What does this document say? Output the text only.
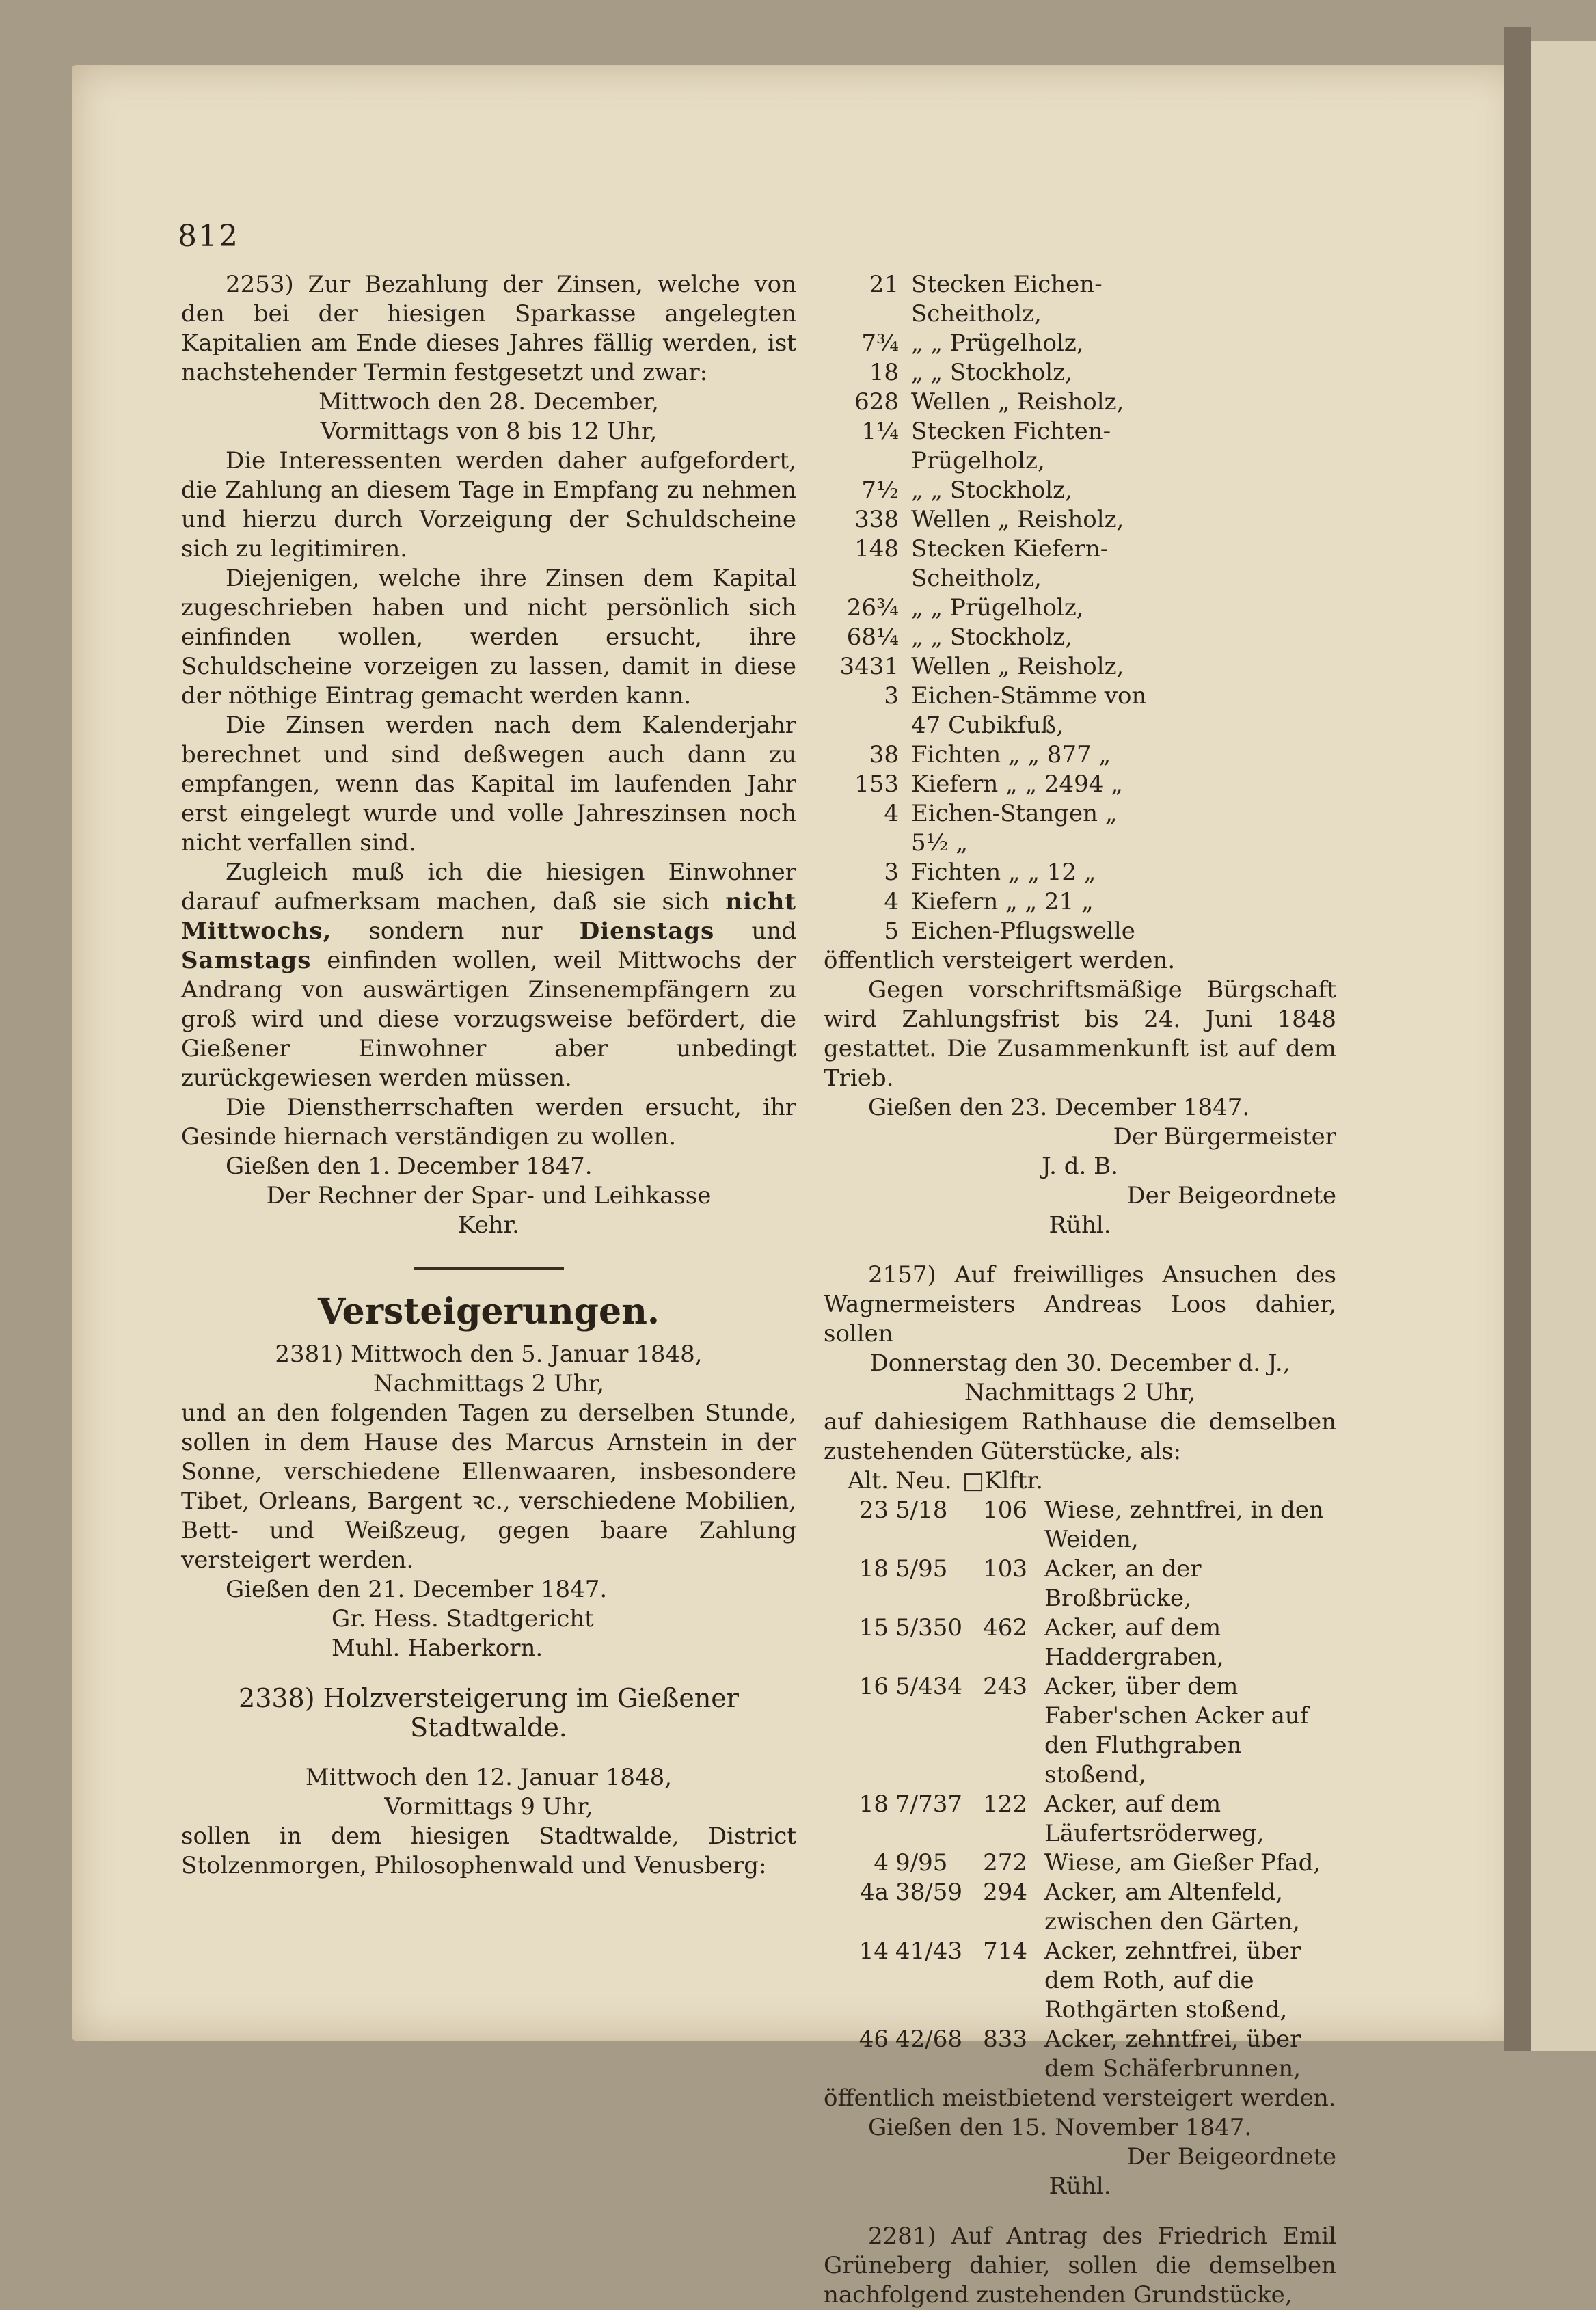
812

2253) Zur Bezahlung der Zinsen, welche von den bei der hiesigen Sparkasse angelegten Kapitalien am Ende dieses Jahres fällig werden, ist nachstehender Termin festgesetzt und zwar:

Mittwoch den 28. December,

Vormittags von 8 bis 12 Uhr,

Die Interessenten werden daher aufgefordert, die Zahlung an diesem Tage in Empfang zu nehmen und hierzu durch Vorzeigung der Schuldscheine sich zu legitimiren.

Diejenigen, welche ihre Zinsen dem Kapital zugeschrieben haben und nicht persönlich sich einfinden wollen, werden ersucht, ihre Schuldscheine vorzeigen zu lassen, damit in diese der nöthige Eintrag gemacht werden kann.

Die Zinsen werden nach dem Kalenderjahr berechnet und sind deßwegen auch dann zu empfangen, wenn das Kapital im laufenden Jahr erst eingelegt wurde und volle Jahreszinsen noch nicht verfallen sind.

Zugleich muß ich die hiesigen Einwohner darauf aufmerksam machen, daß sie sich nicht Mittwochs, sondern nur Dienstags und Samstags einfinden wollen, weil Mittwochs der Andrang von auswärtigen Zinsenempfängern zu groß wird und diese vorzugsweise befördert, die Gießener Einwohner aber unbedingt zurückgewiesen werden müssen.

Die Dienstherrschaften werden ersucht, ihr Gesinde hiernach verständigen zu wollen.

Gießen den 1. December 1847.

Der Rechner der Spar- und Leihkasse

Kehr.

Versteigerungen.

2381) Mittwoch den 5. Januar 1848,

Nachmittags 2 Uhr,

und an den folgenden Tagen zu derselben Stunde, sollen in dem Hause des Marcus Arnstein in der Sonne, verschiedene Ellenwaaren, insbesondere Tibet, Orleans, Bargent ꝛc., verschiedene Mobilien, Bett- und Weißzeug, gegen baare Zahlung versteigert werden.

Gießen den 21. December 1847.

Gr. Hess. Stadtgericht

Muhl. Haberkorn.

2338) Holzversteigerung im Gießener Stadtwalde.

Mittwoch den 12. Januar 1848,

Vormittags 9 Uhr,

sollen in dem hiesigen Stadtwalde, District Stolzenmorgen, Philosophenwald und Venusberg:

21	Stecken Eichen-Scheitholz,
7¾	„ „ Prügelholz,
18	„ „ Stockholz,
628	Wellen „ Reisholz,
1¼	Stecken Fichten-Prügelholz,
7½	„ „ Stockholz,
338	Wellen „ Reisholz,
148	Stecken Kiefern-Scheitholz,
26¾	„ „ Prügelholz,
68¼	„ „ Stockholz,
3431	Wellen „ Reisholz,
3	Eichen-Stämme von 47 Cubikfuß,
38	Fichten „ „ 877 „
153	Kiefern „ „ 2494 „
4	Eichen-Stangen „ 5½ „
3	Fichten „ „ 12 „
4	Kiefern „ „ 21 „
5	Eichen-Pflugswelle

öffentlich versteigert werden.

Gegen vorschriftsmäßige Bürgschaft wird Zahlungsfrist bis 24. Juni 1848 gestattet. Die Zusammenkunft ist auf dem Trieb.

Gießen den 23. December 1847.

Der Bürgermeister

J. d. B.

Der Beigeordnete

Rühl.

2157) Auf freiwilliges Ansuchen des Wagnermeisters Andreas Loos dahier, sollen

Donnerstag den 30. December d. J.,

Nachmittags 2 Uhr,

auf dahiesigem Rathhause die demselben zustehenden Güterstücke, als:

Alt.	Neu.	□Klftr.	
23	5/18	106	Wiese, zehntfrei, in den Weiden,
18	5/95	103	Acker, an der Broßbrücke,
15	5/350	462	Acker, auf dem Haddergraben,
16	5/434	243	Acker, über dem Faber'schen Acker auf den Fluthgraben stoßend,
18	7/737	122	Acker, auf dem Läufertsröderweg,
4	9/95	272	Wiese, am Gießer Pfad,
4a	38/59	294	Acker, am Altenfeld, zwischen den Gärten,
14	41/43	714	Acker, zehntfrei, über dem Roth, auf die Rothgärten stoßend,
46	42/68	833	Acker, zehntfrei, über dem Schäferbrunnen,

öffentlich meistbietend versteigert werden.

Gießen den 15. November 1847.

Der Beigeordnete

Rühl.

2281) Auf Antrag des Friedrich Emil Grüneberg dahier, sollen die demselben nachfolgend zustehenden Grundstücke,
